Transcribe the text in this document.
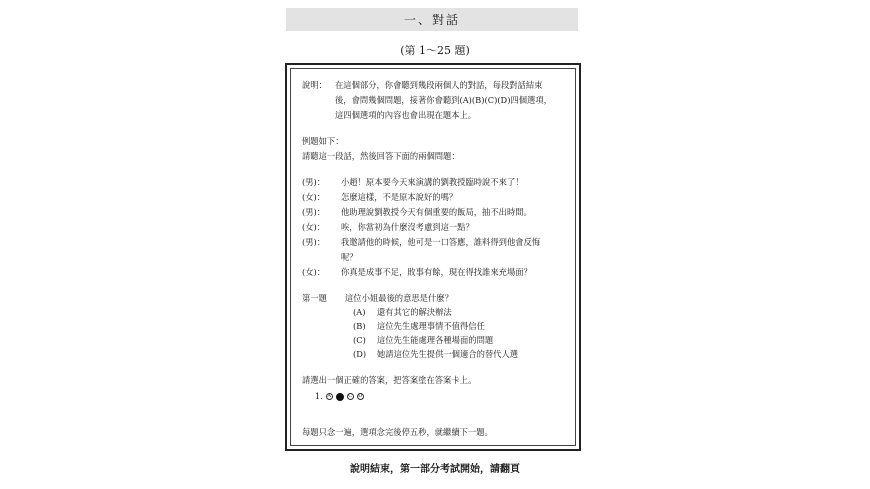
一、對話
(第 1～25 題)
說明： 在這個部分，你會聽到幾段兩個人的對話，每段對話結束
後，會問幾個問題，接著你會聽到(A)(B)(C)(D)四個選項，
這四個選項的內容也會出現在題本上。
例題如下：
請聽這一段話，然後回答下面的兩個問題：
(男)： 小趙！原本要今天來演講的劉教授臨時說不來了！
(女)： 怎麼這樣，不是原本說好的嗎？
(男)： 他助理說劉教授今天有個重要的飯局，抽不出時間。
(女)： 唉，你當初為什麼沒考慮到這一點？
(男)： 我邀請他的時候，他可是一口答應，誰料得到他會反悔
呢？
(女)： 你真是成事不足，敗事有餘，現在得找誰來充場面？
第一題 這位小姐最後的意思是什麼？
(A) 還有其它的解決辦法
(B) 這位先生處理事情不值得信任
(C) 這位先生能處理各種場面的問題
(D) 她請這位先生提供一個適合的替代人選
請選出一個正確的答案，把答案塗在答案卡上。
1. A	C	D
每題只念一遍，選項念完後停五秒，就繼續下一題。
說明結束，第一部分考試開始，請翻頁
